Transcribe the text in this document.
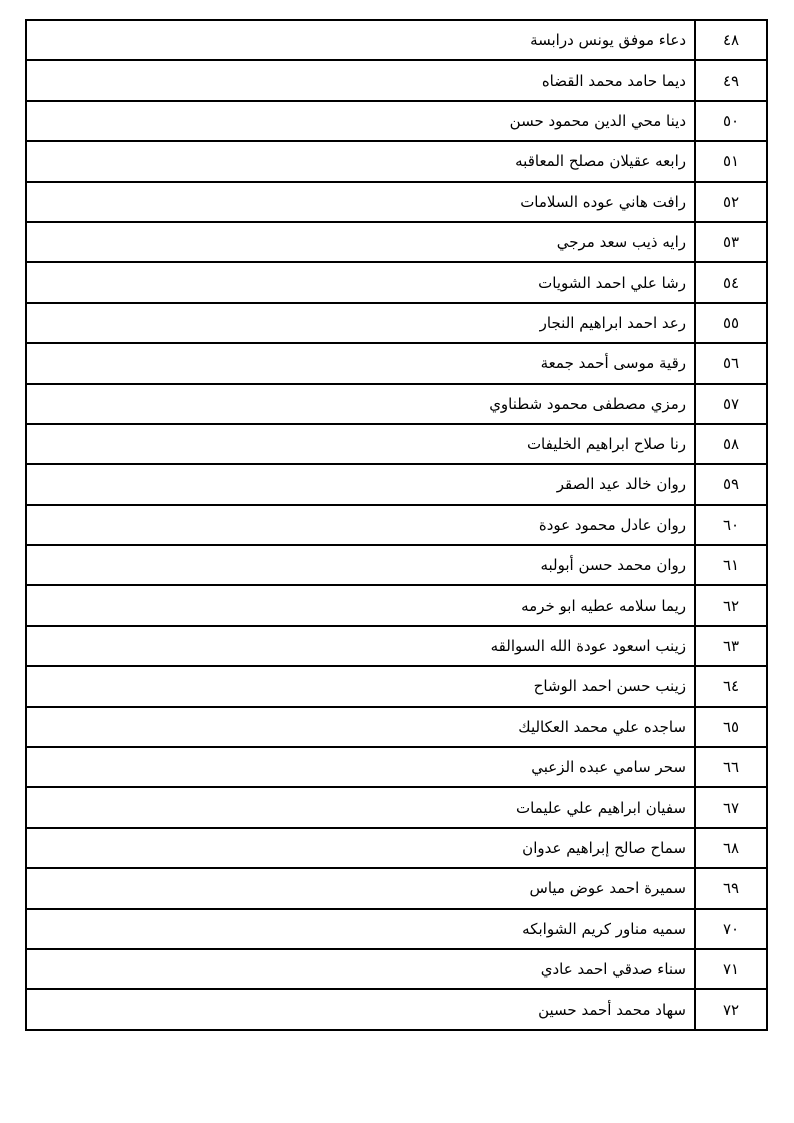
٤٨	دعاء موفق يونس درابسة
٤٩	ديما حامد محمد القضاه
٥٠	دينا محي الدين محمود حسن
٥١	رابعه عقيلان مصلح المعاقبه
٥٢	رافت هاني عوده السلامات
٥٣	رايه ذيب سعد مرجي
٥٤	رشا علي احمد الشويات
٥٥	رعد احمد ابراهيم النجار
٥٦	رقية موسى أحمد جمعة
٥٧	رمزي مصطفى محمود شطناوي
٥٨	رنا صلاح ابراهيم الخليفات
٥٩	روان خالد عيد الصقر
٦٠	روان عادل محمود عودة
٦١	روان محمد حسن أبولبه
٦٢	ريما سلامه عطيه ابو خرمه
٦٣	زينب اسعود عودة الله السوالقه
٦٤	زينب حسن احمد الوشاح
٦٥	ساجده علي محمد العكاليك
٦٦	سحر سامي عبده الزعبي
٦٧	سفيان ابراهيم علي عليمات
٦٨	سماح صالح إبراهيم عدوان
٦٩	سميرة احمد عوض مياس
٧٠	سميه مناور كريم الشوابكه
٧١	سناء صدقي احمد عادي
٧٢	سهاد محمد أحمد حسين
